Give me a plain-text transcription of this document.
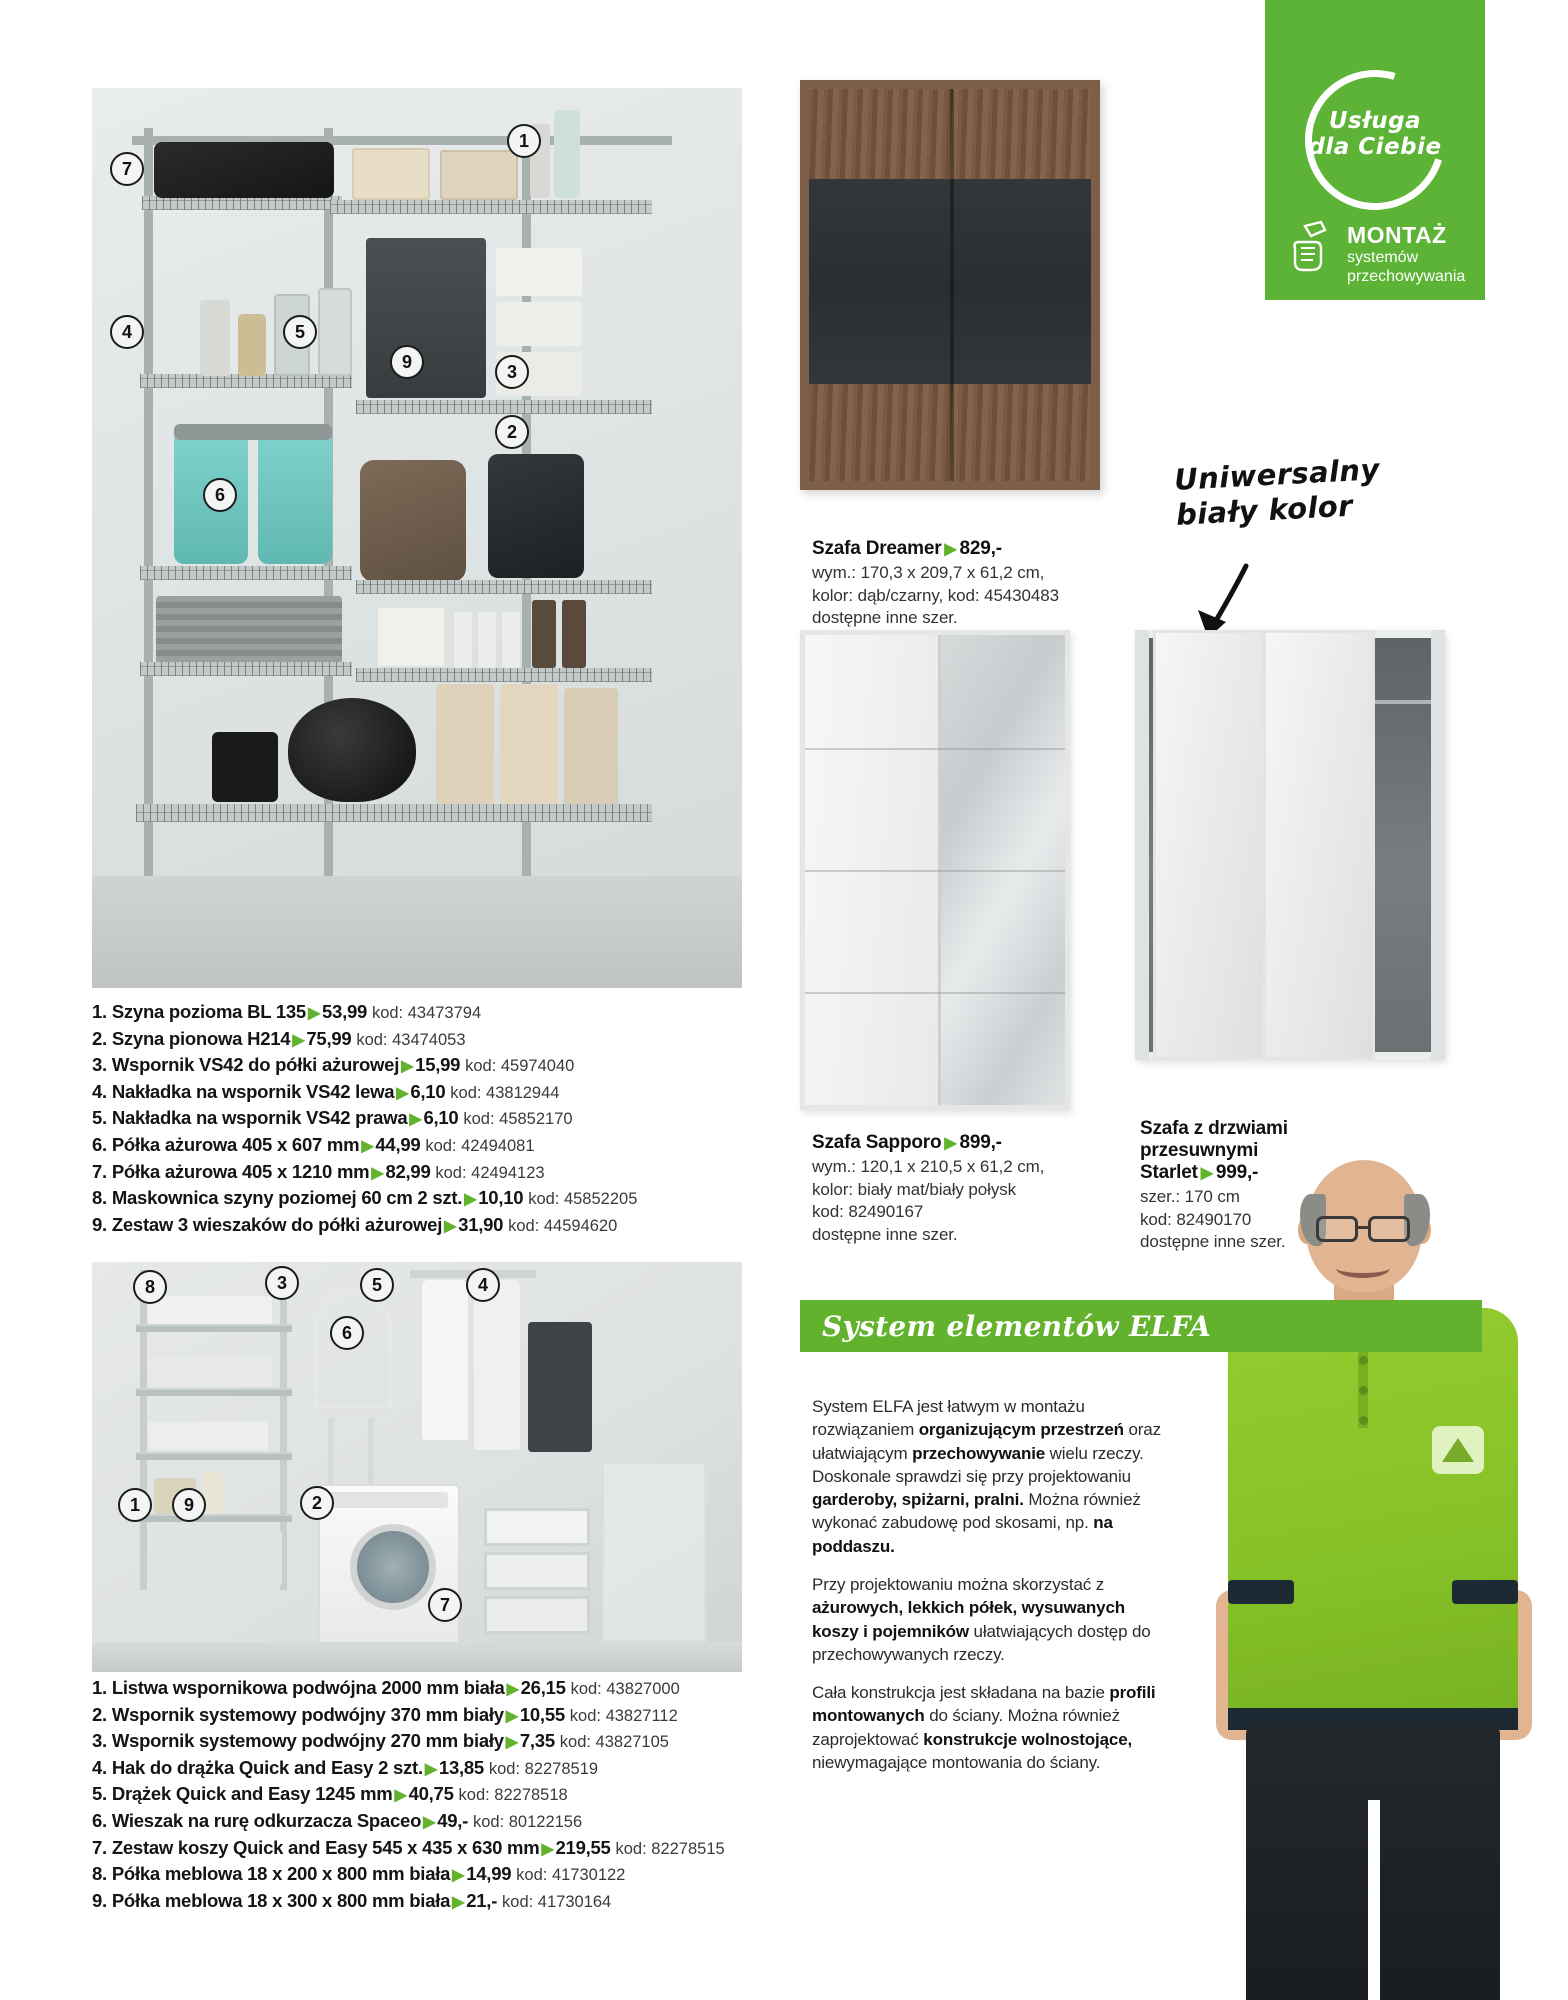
Usługa
dla Ciebie
MONTAŻ
systemów
przechowywania
7
4	5
6
9
1
3
2
1. Szyna pozioma BL 135 ▶ 53,99 kod: 43473794
2. Szyna pionowa H214 ▶ 75,99 kod: 43474053
3. Wspornik VS42 do półki ażurowej ▶ 15,99 kod: 45974040
4. Nakładka na wspornik VS42 lewa ▶ 6,10 kod: 43812944
5. Nakładka na wspornik VS42 prawa ▶ 6,10 kod: 45852170
6. Półka ażurowa 405 x 607 mm ▶ 44,99 kod: 42494081
7. Półka ażurowa 405 x 1210 mm ▶ 82,99 kod: 42494123
8. Maskownica szyny poziomej 60 cm 2 szt. ▶ 10,10 kod: 45852205
9. Zestaw 3 wieszaków do półki ażurowej ▶ 31,90 kod: 44594620
8	3	5	4
6
1	9	2
7
1. Listwa wspornikowa podwójna 2000 mm biała ▶ 26,15 kod: 43827000
2. Wspornik systemowy podwójny 370 mm biały ▶ 10,55 kod: 43827112
3. Wspornik systemowy podwójny 270 mm biały ▶ 7,35 kod: 43827105
4. Hak do drążka Quick and Easy 2 szt. ▶ 13,85 kod: 82278519
5. Drążek Quick and Easy 1245 mm ▶ 40,75 kod: 82278518
6. Wieszak na rurę odkurzacza Spaceo ▶ 49,- kod: 80122156
7. Zestaw koszy Quick and Easy 545 x 435 x 630 mm ▶ 219,55 kod: 82278515
8. Półka meblowa 18 x 200 x 800 mm biała ▶ 14,99 kod: 41730122
9. Półka meblowa 18 x 300 x 800 mm biała ▶ 21,- kod: 41730164
Szafa Dreamer ▶ 829,-
wym.: 170,3 x 209,7 x 61,2 cm,
kolor: dąb/czarny, kod: 45430483
dostępne inne szer.
Uniwersalny
biały kolor
Szafa Sapporo ▶ 899,-
wym.: 120,1 x 210,5 x 61,2 cm,
kolor: biały mat/biały połysk
kod: 82490167
dostępne inne szer.
Szafa z drzwiami
przesuwnymi
Starlet ▶ 999,-
szer.: 170 cm
kod: 82490170
dostępne inne szer.
System elementów ELFA

System ELFA jest łatwym w montażu rozwiązaniem organizującym przestrzeń oraz ułatwiającym przechowywanie wielu rzeczy. Doskonale sprawdzi się przy projektowaniu garderoby, spiżarni, pralni. Można również wykonać zabudowę pod skosami, np. na poddaszu.

Przy projektowaniu można skorzystać z ażurowych, lekkich półek, wysuwanych koszy i pojemników ułatwiających dostęp do przechowywanych rzeczy.

Cała konstrukcja jest składana na bazie profili montowanych do ściany. Można również zaprojektować konstrukcje wolnostojące, niewymagające montowania do ściany.
